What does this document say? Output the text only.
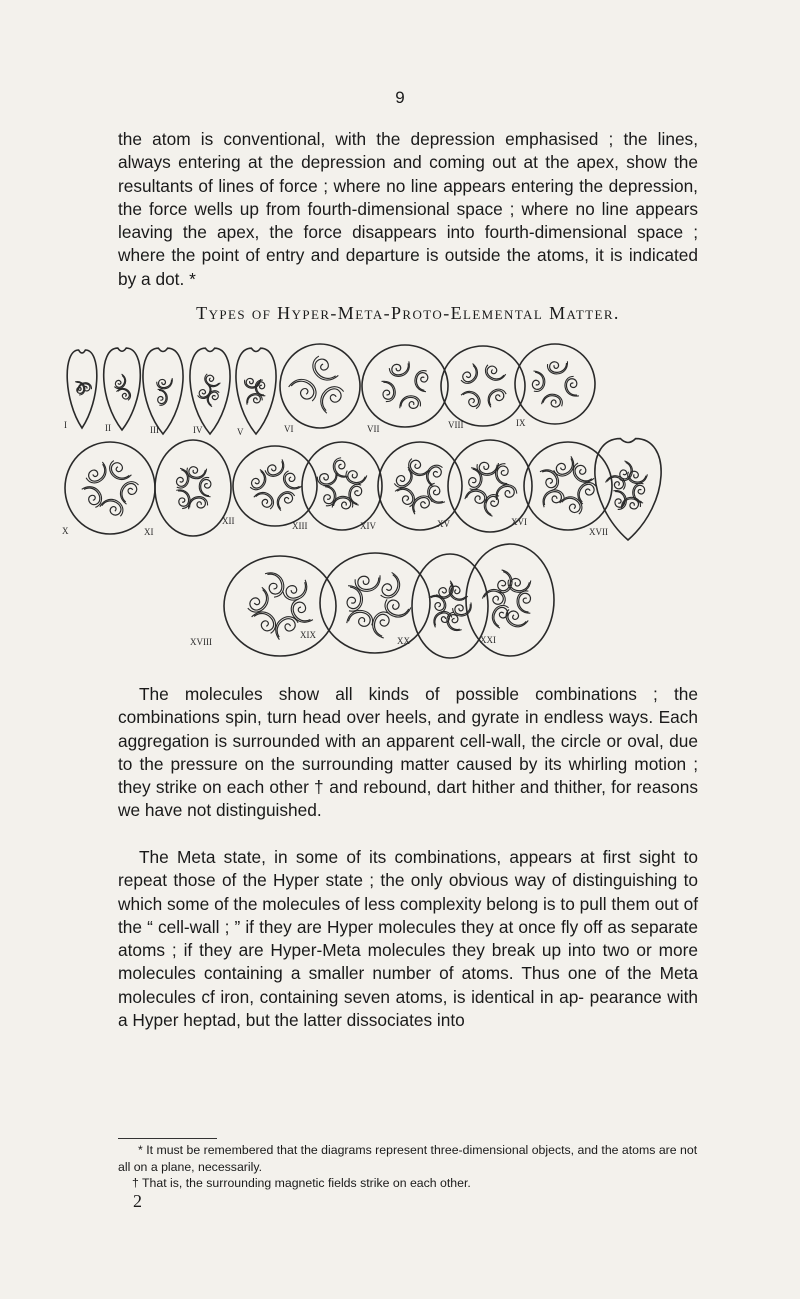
9

the atom is conventional, with the depression emphasised ; the lines, always entering at the depression and coming out at the apex, show the resultants of lines of force ; where no line appears entering the depression, the force wells up from fourth-dimensional space ; where no line appears leaving the apex, the force disappears into fourth-dimensional space ; where the point of entry and departure is outside the atoms, it is indicated by a dot. *

Types of Hyper-Meta-Proto-Elemental Matter.
I	II	III	IV	V	VI	VII	VIII	IX
X	XI
XII	XIII	XIV	XV	XVI
XVII
XVIII
XIX
XX	XXI

The molecules show all kinds of possible combinations ; the combinations spin, turn head over heels, and gyrate in endless ways. Each aggregation is surrounded with an apparent cell-wall, the circle or oval, due to the pressure on the surrounding matter caused by its whirling motion ; they strike on each other † and rebound, dart hither and thither, for reasons we have not distinguished.

The Meta state, in some of its combinations, appears at first sight to repeat those of the Hyper state ; the only obvious way of distinguishing to which some of the molecules of less complexity belong is to pull them out of the “ cell-wall ; ” if they are Hyper molecules they at once fly off as separate atoms ; if they are Hyper-Meta molecules they break up into two or more molecules containing a smaller number of atoms. Thus one of the Meta molecules cf iron, containing seven atoms, is identical in ap- pearance with a Hyper heptad, but the latter dissociates into

* It must be remembered that the diagrams represent three-dimensional objects, and the atoms are not all on a plane, necessarily.

† That is, the surrounding magnetic fields strike on each other.

2
